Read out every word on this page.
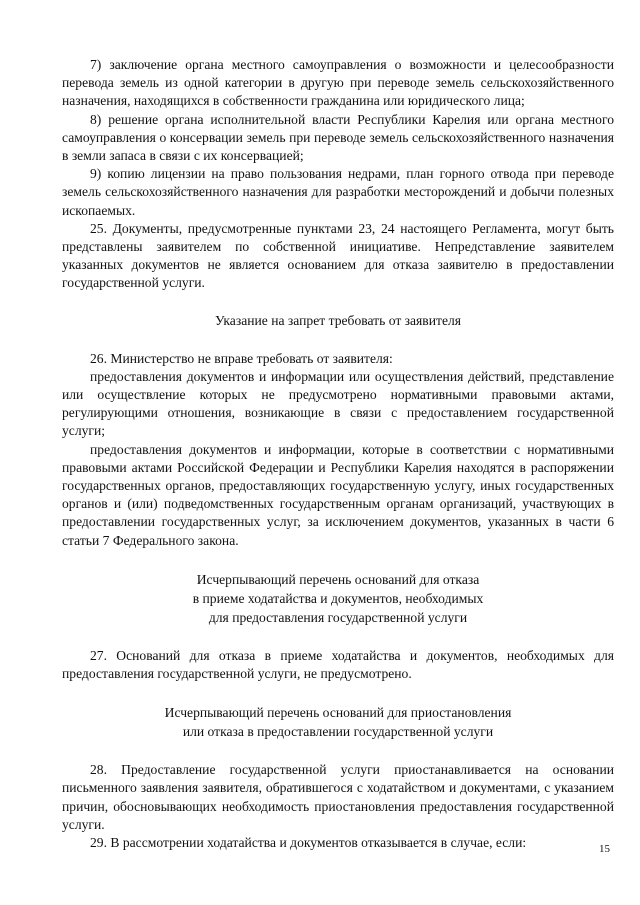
7) заключение органа местного самоуправления о возможности и целесообразности перевода земель из одной категории в другую при переводе земель сельскохозяйственного назначения, находящихся в собственности гражданина или юридического лица;

8) решение органа исполнительной власти Республики Карелия или органа местного самоуправления о консервации земель при переводе земель сельскохозяйственного назначения в земли запаса в связи с их консервацией;

9) копию лицензии на право пользования недрами, план горного отвода при переводе земель сельскохозяйственного назначения для разработки месторождений и добычи полезных ископаемых.

25. Документы, предусмотренные пунктами 23, 24 настоящего Регламента, могут быть представлены заявителем по собственной инициативе. Непредставление заявителем указанных документов не является основанием для отказа заявителю в предоставлении государственной услуги.

Указание на запрет требовать от заявителя

26. Министерство не вправе требовать от заявителя:

предоставления документов и информации или осуществления действий, представление или осуществление которых не предусмотрено нормативными правовыми актами, регулирующими отношения, возникающие в связи с предоставлением государственной услуги;

предоставления документов и информации, которые в соответствии с нормативными правовыми актами Российской Федерации и Республики Карелия находятся в распоряжении государственных органов, предоставляющих государственную услугу, иных государственных органов и (или) подведомственных государственным органам организаций, участвующих в предоставлении государственных услуг, за исключением документов, указанных в части 6 статьи 7 Федерального закона.

Исчерпывающий перечень оснований для отказа

в приеме ходатайства и документов, необходимых

для предоставления государственной услуги

27. Оснований для отказа в приеме ходатайства и документов, необходимых для предоставления государственной услуги, не предусмотрено.

Исчерпывающий перечень оснований для приостановления

или отказа в предоставлении государственной услуги

28. Предоставление государственной услуги приостанавливается на основании письменного заявления заявителя, обратившегося с ходатайством и документами, с указанием причин, обосновывающих необходимость приостановления предоставления государственной услуги.

29. В рассмотрении ходатайства и документов отказывается в случае, если:	15
